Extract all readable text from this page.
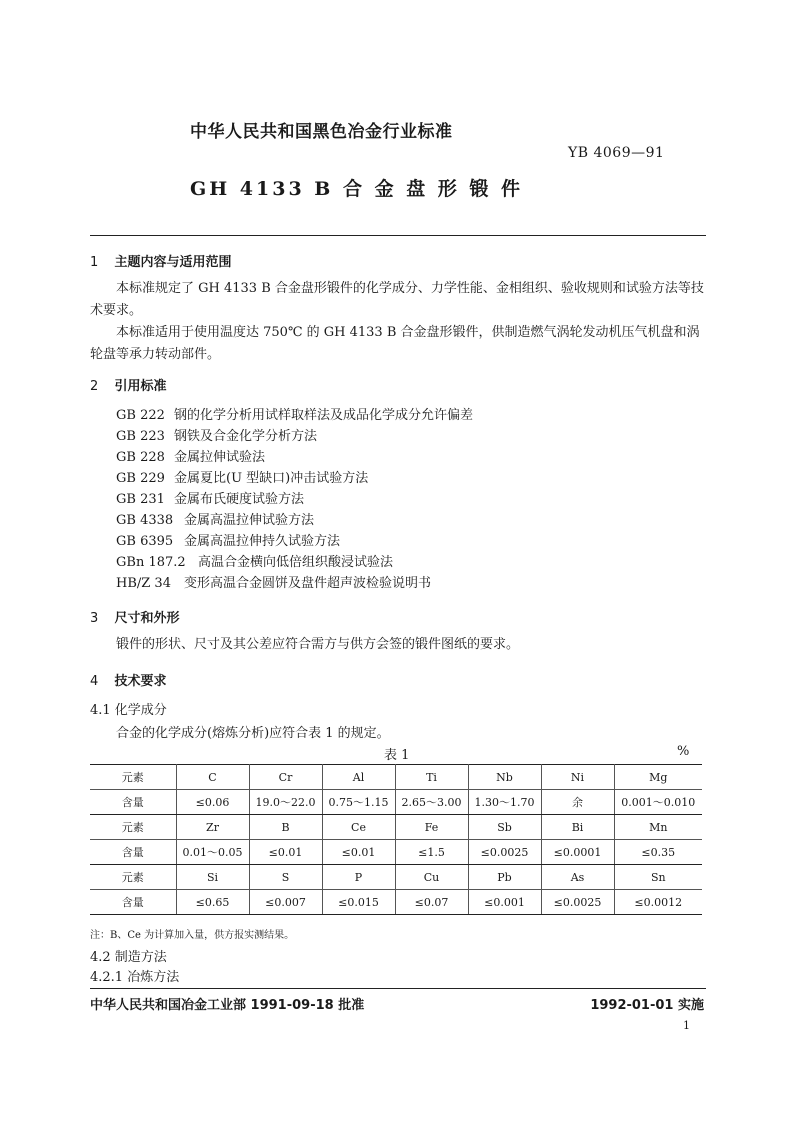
中华人民共和国黑色冶金行业标准
YB 4069—91
GH 4133 B 合 金 盘 形 锻 件
1 主题内容与适用范围
本标准规定了 GH 4133 B 合金盘形锻件的化学成分、力学性能、金相组织、验收规则和试验方法等技术要求。
本标准适用于使用温度达 750℃ 的 GH 4133 B 合金盘形锻件，供制造燃气涡轮发动机压气机盘和涡轮盘等承力转动部件。
2 引用标准
GB 222 钢的化学分析用试样取样法及成品化学成分允许偏差
GB 223 钢铁及合金化学分析方法
GB 228 金属拉伸试验法
GB 229 金属夏比(U 型缺口)冲击试验方法
GB 231 金属布氏硬度试验方法
GB 4338 金属高温拉伸试验方法
GB 6395 金属高温拉伸持久试验方法
GBn 187.2 高温合金横向低倍组织酸浸试验法
HB/Z 34 变形高温合金圆饼及盘件超声波检验说明书
3 尺寸和外形
锻件的形状、尺寸及其公差应符合需方与供方会签的锻件图纸的要求。
4 技术要求
4.1 化学成分
合金的化学成分(熔炼分析)应符合表 1 的规定。
表 1	%
元素	C	Cr	Al	Ti	Nb	Ni	Mg
含量	≤0.06	19.0～22.0	0.75～1.15	2.65～3.00	1.30～1.70	余	0.001～0.010
元素	Zr	B	Ce	Fe	Sb	Bi	Mn
含量	0.01～0.05	≤0.01	≤0.01	≤1.5	≤0.0025	≤0.0001	≤0.35
元素	Si	S	P	Cu	Pb	As	Sn
含量	≤0.65	≤0.007	≤0.015	≤0.07	≤0.001	≤0.0025	≤0.0012
注：B、Ce 为计算加入量，供方报实测结果。
4.2 制造方法
4.2.1 冶炼方法
中华人民共和国冶金工业部 1991-09-18 批准	1992-01-01 实施
1
